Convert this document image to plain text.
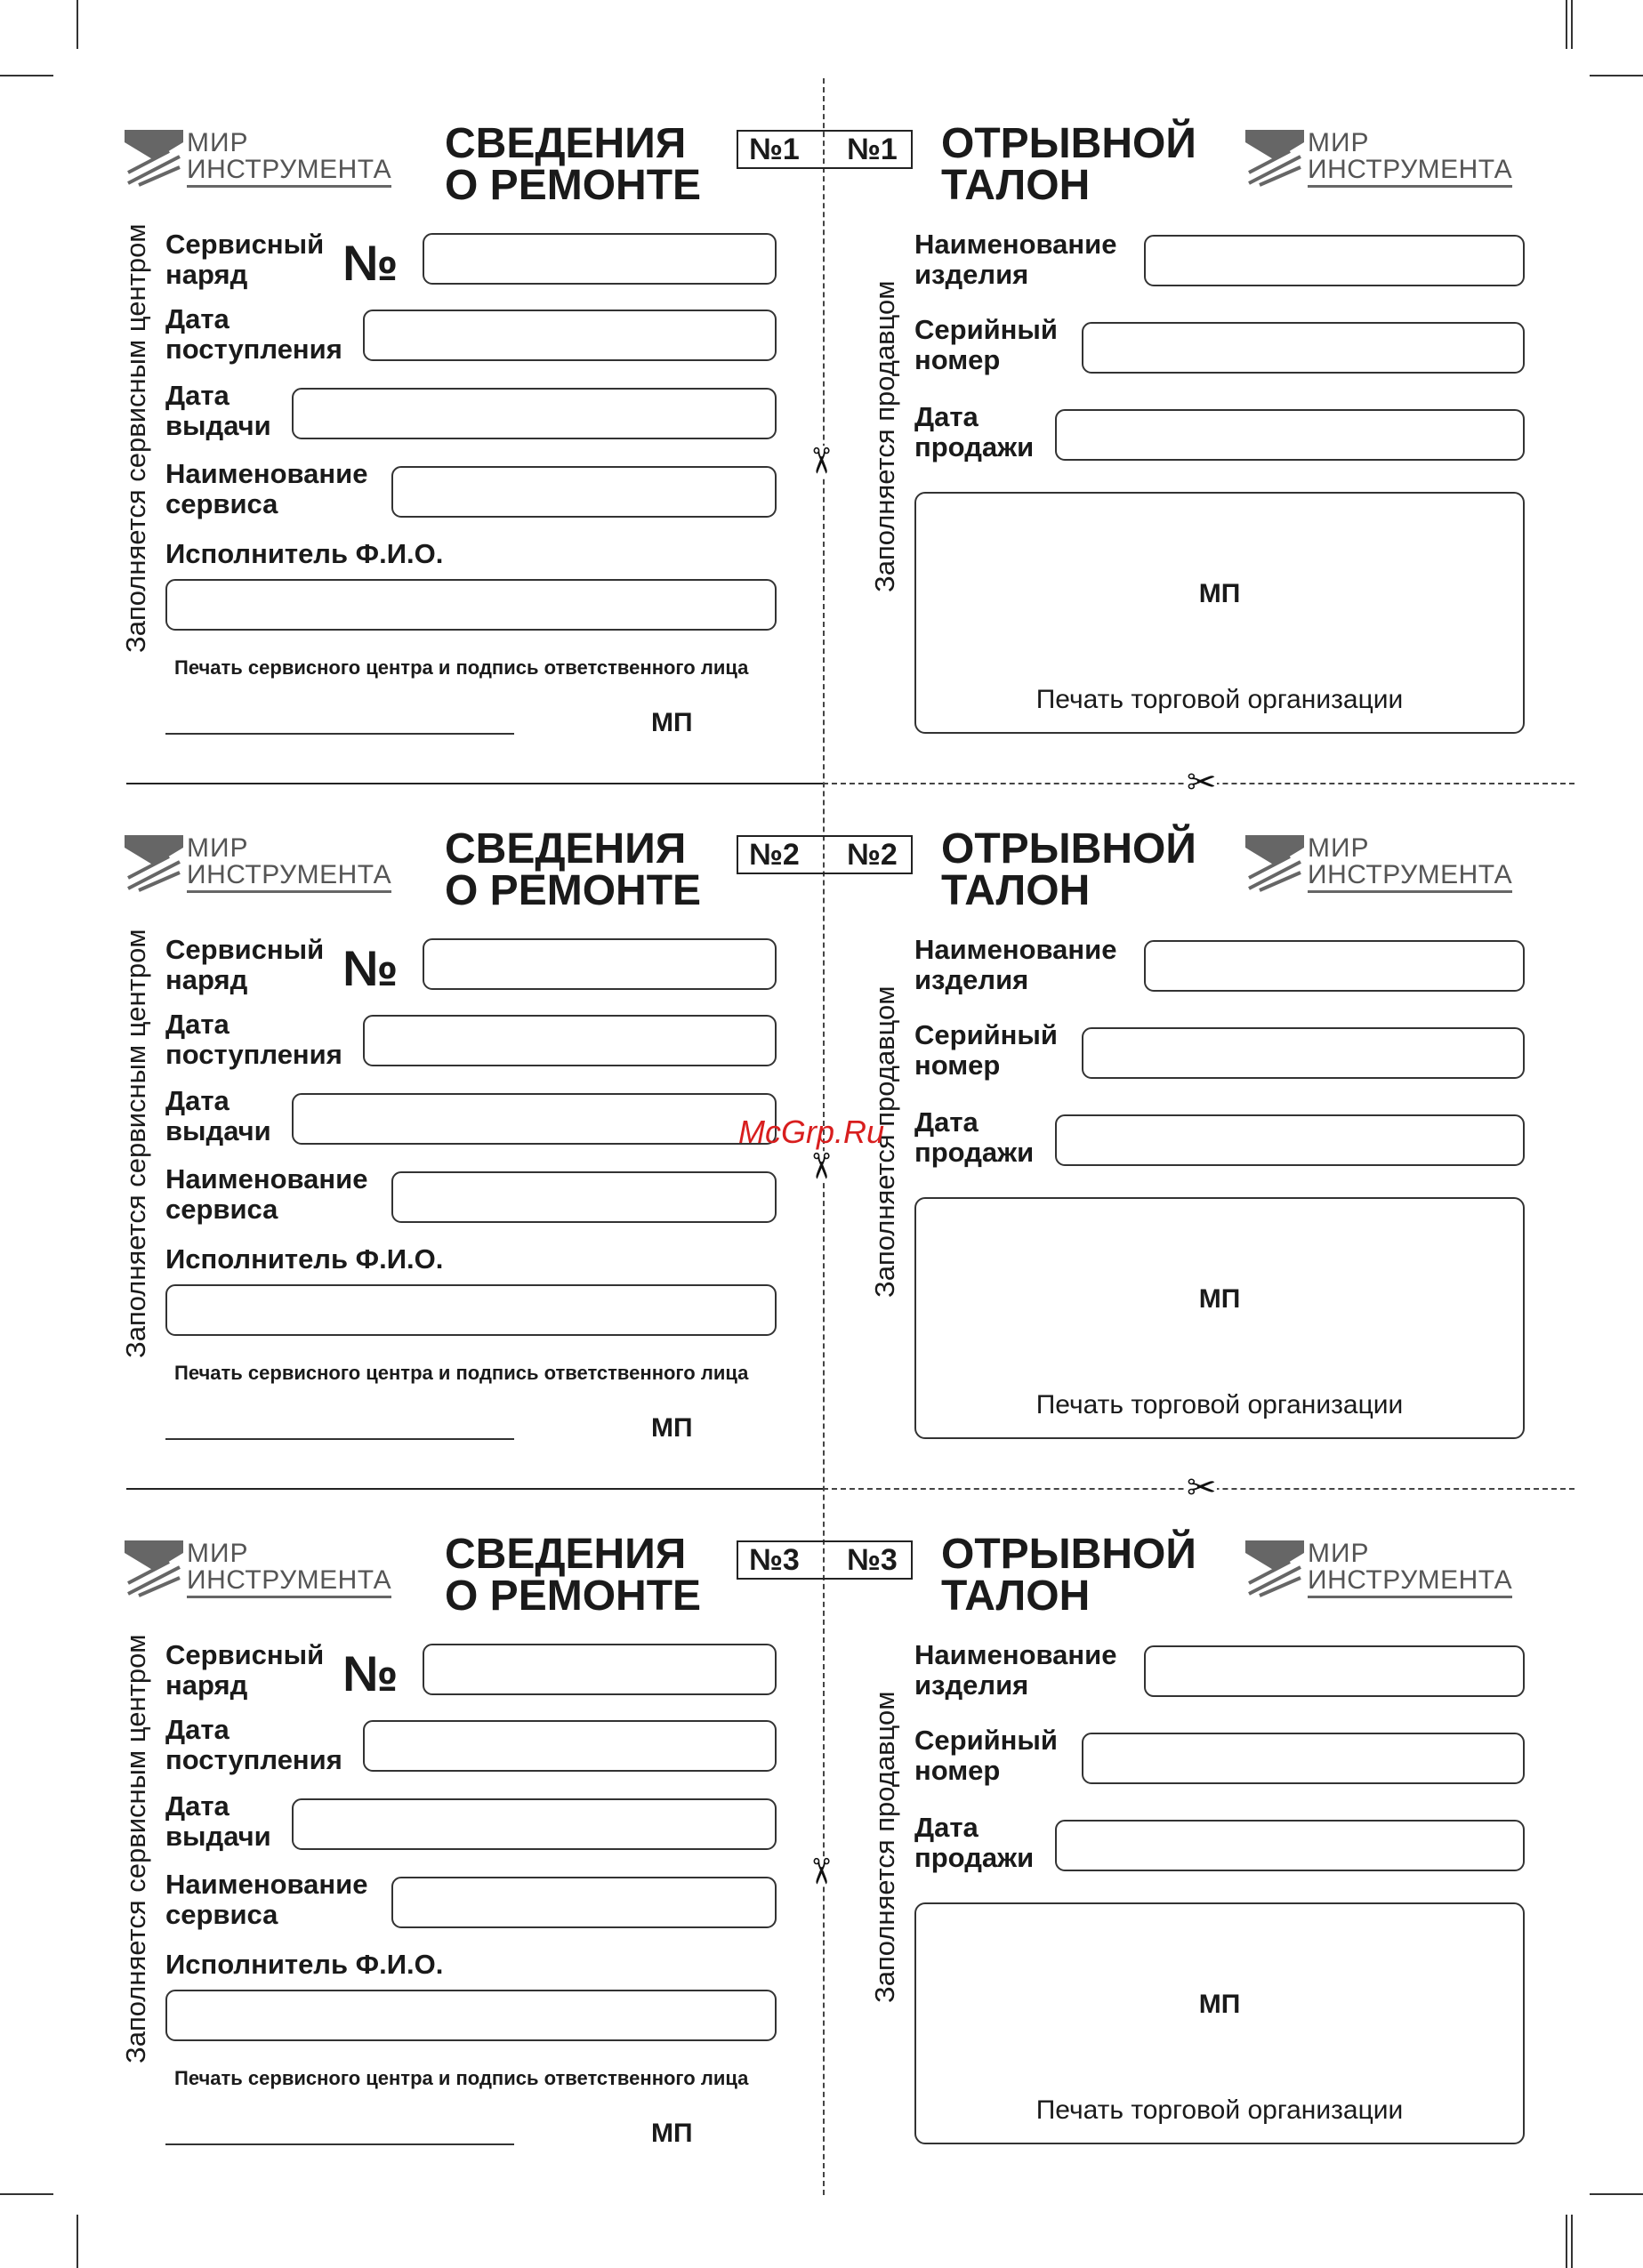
✂
✂
МИР
ИНСТРУМЕНТА
СВЕДЕНИЯ
О РЕМОНТЕ
№1 №1 ОТРЫВНОЙ
ТАЛОН
МИР
ИНСТРУМЕНТА
Заполняется сервисным центром Сервисный
наряд	№
Дата
поступления
Дата
выдачи
Наименование
сервиса
Исполнитель Ф.И.О.
Печать сервисного центра и подпись ответственного лица
МП
Заполняется продавцом
Наименование
изделия
Серийный
номер
Дата
продажи
МП
Печать торговой организации
✂
МИР
ИНСТРУМЕНТА
СВЕДЕНИЯ
О РЕМОНТЕ
№2 №2 ОТРЫВНОЙ
ТАЛОН
МИР
ИНСТРУМЕНТА
Заполняется сервисным центром Сервисный
наряд	№
Дата
поступления
Дата
выдачи
Наименование
сервиса
Исполнитель Ф.И.О.
Печать сервисного центра и подпись ответственного лица
МП
Заполняется продавцом
Наименование
изделия
Серийный
номер
Дата
продажи
МП
Печать торговой организации
✂
МИР
ИНСТРУМЕНТА
СВЕДЕНИЯ
О РЕМОНТЕ
№3 №3 ОТРЫВНОЙ
ТАЛОН
МИР
ИНСТРУМЕНТА
Заполняется сервисным центром Сервисный
наряд	№
Дата
поступления
Дата
выдачи
Наименование
сервиса
Исполнитель Ф.И.О.
Печать сервисного центра и подпись ответственного лица
МП
Заполняется продавцом
Наименование
изделия
Серийный
номер
Дата
продажи
МП
Печать торговой организации
✂
McGrp.Ru
